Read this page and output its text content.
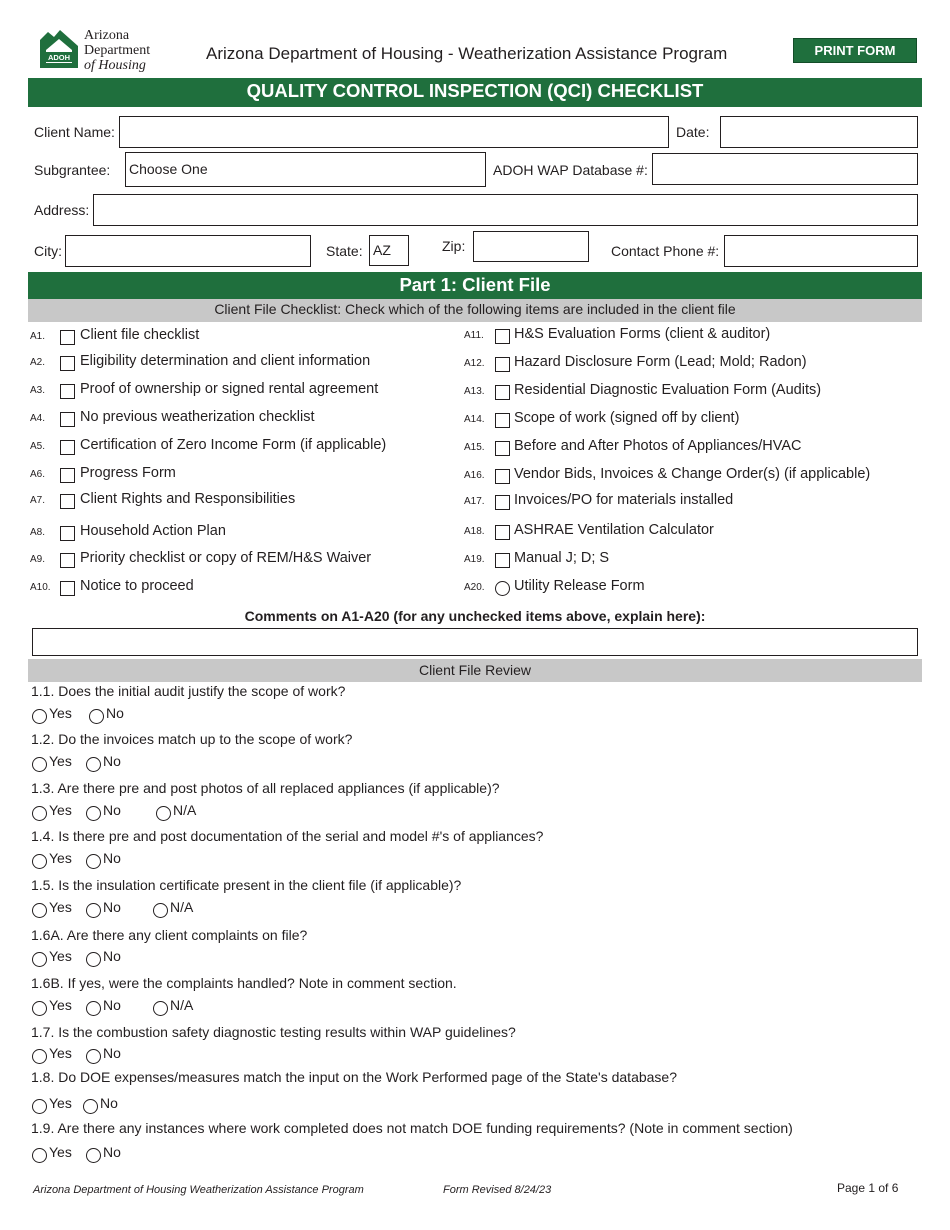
ADOH
Arizona
Department
of Housing
Arizona Department of Housing - Weatherization Assistance Program	PRINT FORM
QUALITY CONTROL INSPECTION (QCI) CHECKLIST
Client Name:	Date:
Subgrantee: Choose One	ADOH WAP Database #:
Address:
City:	State: AZ	Zip:	Contact Phone #:
Part 1: Client File
Client File Checklist: Check which of the following items are included in the client file
A1. Client file checklist
A2. Eligibility determination and client information
A3. Proof of ownership or signed rental agreement
A4. No previous weatherization checklist
A5. Certification of Zero Income Form (if applicable)
A6. Progress Form
A7. Client Rights and Responsibilities
A8. Household Action Plan
A9. Priority checklist or copy of REM/H&S Waiver
A10. Notice to proceed
A11. H&S Evaluation Forms (client & auditor)
A12. Hazard Disclosure Form (Lead; Mold; Radon)
A13. Residential Diagnostic Evaluation Form (Audits)
A14. Scope of work (signed off by client)
A15. Before and After Photos of Appliances/HVAC
A16. Vendor Bids, Invoices & Change Order(s) (if applicable)
A17. Invoices/PO for materials installed
A18. ASHRAE Ventilation Calculator
A19. Manual J; D; S
A20. Utility Release Form
Comments on A1-A20 (for any unchecked items above, explain here):
Client File Review
1.1. Does the initial audit justify the scope of work?
Yes No
1.2. Do the invoices match up to the scope of work?
Yes No
1.3. Are there pre and post photos of all replaced appliances (if applicable)?
Yes No	N/A
1.4. Is there pre and post documentation of the serial and model #'s of appliances?
Yes No
1.5. Is the insulation certificate present in the client file (if applicable)?
Yes No	N/A
1.6A. Are there any client complaints on file?
Yes No
1.6B. If yes, were the complaints handled? Note in comment section.
Yes No	N/A
1.7. Is the combustion safety diagnostic testing results within WAP guidelines?
Yes No
1.8. Do DOE expenses/measures match the input on the Work Performed page of the State's database?
Yes No
1.9. Are there any instances where work completed does not match DOE funding requirements? (Note in comment section)
Yes No
Arizona Department of Housing Weatherization Assistance Program	Form Revised 8/24/23	Page 1 of 6
